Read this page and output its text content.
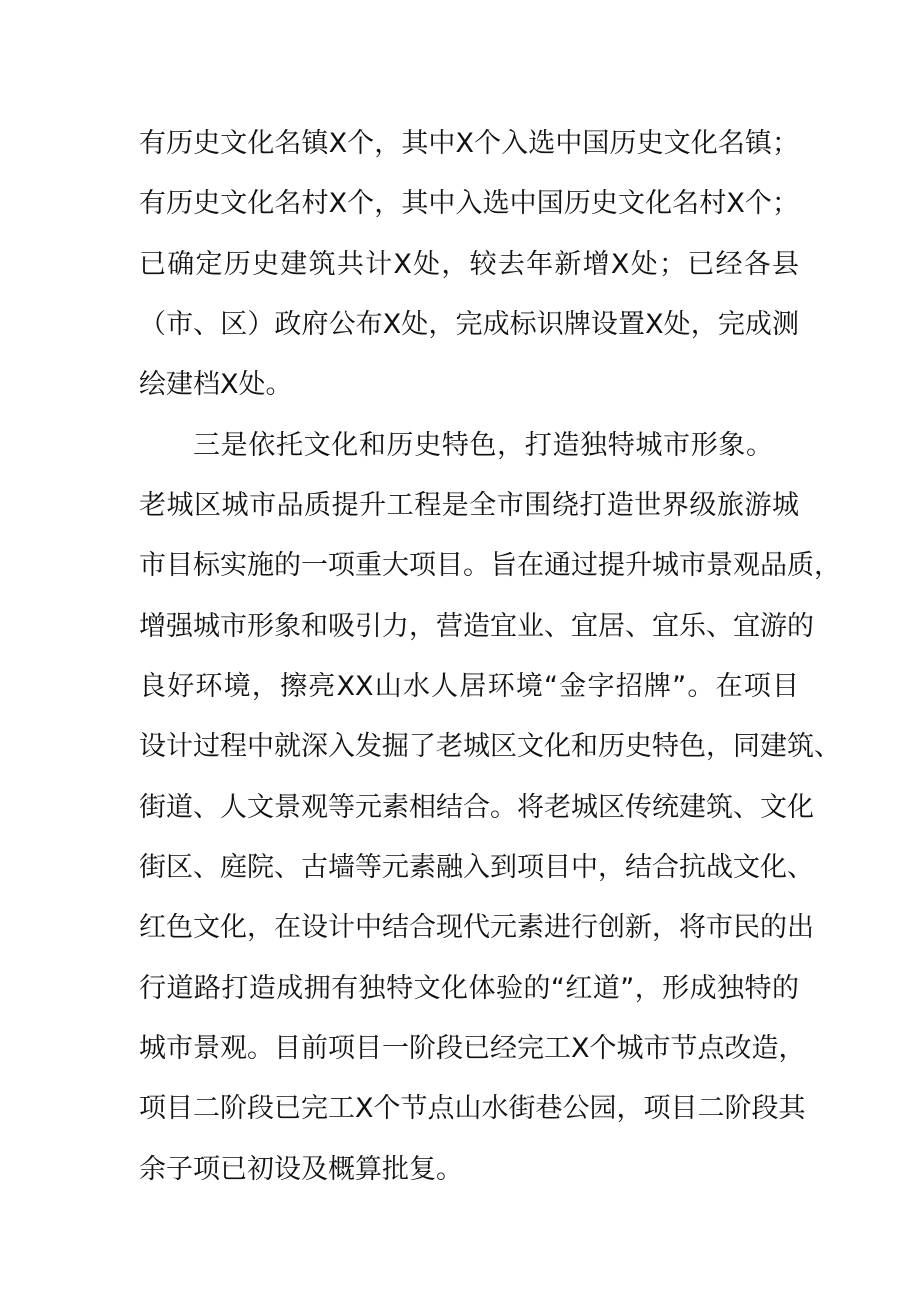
有历史文化名镇X个，其中X个入选中国历史文化名镇；
有历史文化名村X个，其中入选中国历史文化名村X个；
已确定历史建筑共计X处，较去年新增X处；已经各县
（市、区）政府公布X处，完成标识牌设置X处，完成测
绘建档X处。
三是依托文化和历史特色，打造独特城市形象。
老城区城市品质提升工程是全市围绕打造世界级旅游城
市目标实施的一项重大项目。旨在通过提升城市景观品质，
增强城市形象和吸引力，营造宜业、宜居、宜乐、宜游的
良好环境，擦亮XX山水人居环境“金字招牌”。在项目
设计过程中就深入发掘了老城区文化和历史特色，同建筑、
街道、人文景观等元素相结合。将老城区传统建筑、文化
街区、庭院、古墙等元素融入到项目中，结合抗战文化、
红色文化，在设计中结合现代元素进行创新，将市民的出
行道路打造成拥有独特文化体验的“红道”，形成独特的
城市景观。目前项目一阶段已经完工X个城市节点改造，
项目二阶段已完工X个节点山水街巷公园，项目二阶段其
余子项已初设及概算批复。
